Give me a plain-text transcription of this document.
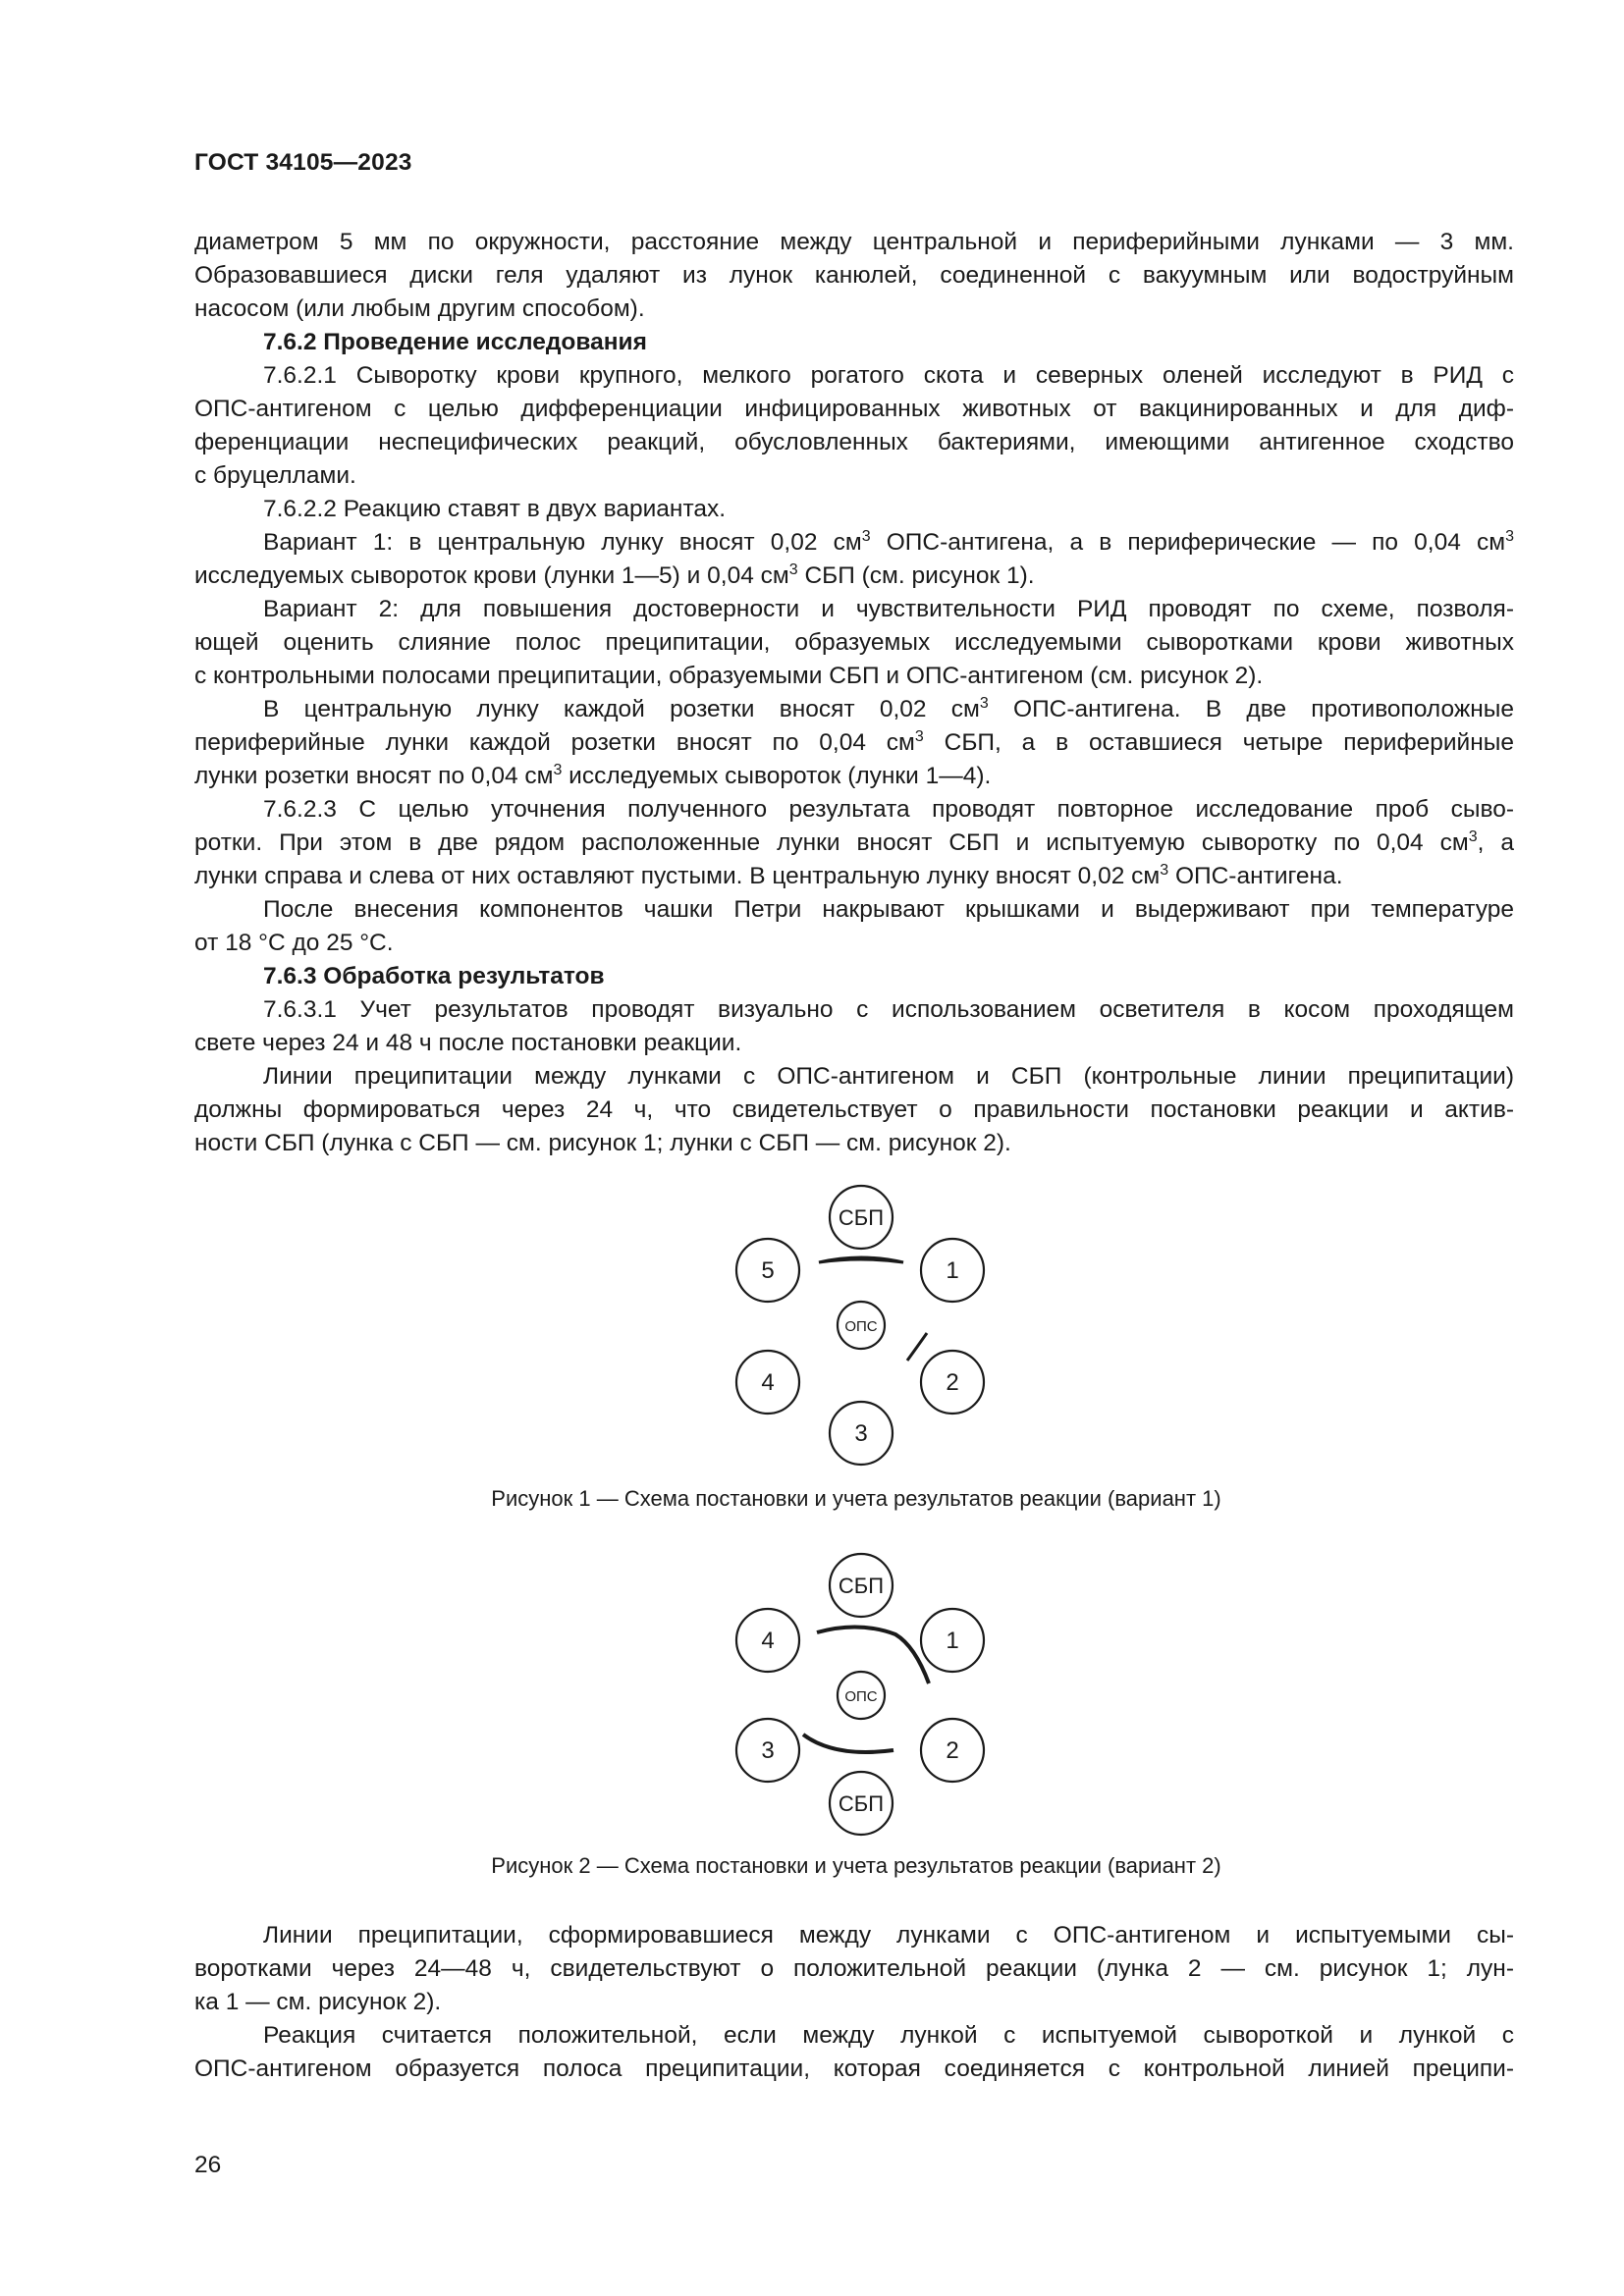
ГОСТ 34105—2023

диаметром 5 мм по окружности, расстояние между центральной и периферийными лунками — 3 мм.
Образовавшиеся диски геля удаляют из лунок канюлей, соединенной с вакуумным или водоструйным
насосом (или любым другим способом).

7.6.2 Проведение исследования

7.6.2.1 Сыворотку крови крупного, мелкого рогатого скота и северных оленей исследуют в РИД с
ОПС-антигеном с целью дифференциации инфицированных животных от вакцинированных и для диф-
ференциации неспецифических реакций, обусловленных бактериями, имеющими антигенное сходство
с бруцеллами.

7.6.2.2 Реакцию ставят в двух вариантах.

Вариант 1: в центральную лунку вносят 0,02 $см^3$ ОПС-антигена, а в периферические — по 0,04 $см^3$
исследуемых сывороток крови (лунки 1—5) и 0,04 $см^3$ СБП (см. рисунок 1).

Вариант 2: для повышения достоверности и чувствительности РИД проводят по схеме, позволя-
ющей оценить слияние полос преципитации, образуемых исследуемыми сыворотками крови животных
с контрольными полосами преципитации, образуемыми СБП и ОПС-антигеном (см. рисунок 2).

В центральную лунку каждой розетки вносят 0,02 $см^3$ ОПС-антигена. В две противоположные
периферийные лунки каждой розетки вносят по 0,04 $см^3$ СБП, а в оставшиеся четыре периферийные
лунки розетки вносят по 0,04 $см^3$ исследуемых сывороток (лунки 1—4).

7.6.2.3 С целью уточнения полученного результата проводят повторное исследование проб сыво-
ротки. При этом в две рядом расположенные лунки вносят СБП и испытуемую сыворотку по 0,04 $см^3$, а
лунки справа и слева от них оставляют пустыми. В центральную лунку вносят 0,02 $см^3$ ОПС-антигена.

После внесения компонентов чашки Петри накрывают крышками и выдерживают при температуре
от 18 °С до 25 °С.

7.6.3 Обработка результатов

7.6.3.1 Учет результатов проводят визуально с использованием осветителя в косом проходящем
свете через 24 и 48 ч после постановки реакции.

Линии преципитации между лунками с ОПС-антигеном и СБП (контрольные линии преципитации)
должны формироваться через 24 ч, что свидетельствует о правильности постановки реакции и актив-
ности СБП (лунка с СБП — см. рисунок 1; лунки с СБП — см. рисунок 2).

СБП
5	1
ОПС
4	2
3
Рисунок 1 — Схема постановки и учета результатов реакции (вариант 1)
СБП
4	1
ОПС
3	2
СБП
Рисунок 2 — Схема постановки и учета результатов реакции (вариант 2)

Линии преципитации, сформировавшиеся между лунками с ОПС-антигеном и испытуемыми сы-
воротками через 24—48 ч, свидетельствуют о положительной реакции (лунка 2 — см. рисунок 1; лун-
ка 1 — см. рисунок 2).

Реакция считается положительной, если между лункой с испытуемой сывороткой и лункой с
ОПС-антигеном образуется полоса преципитации, которая соединяется с контрольной линией преципи-

26
